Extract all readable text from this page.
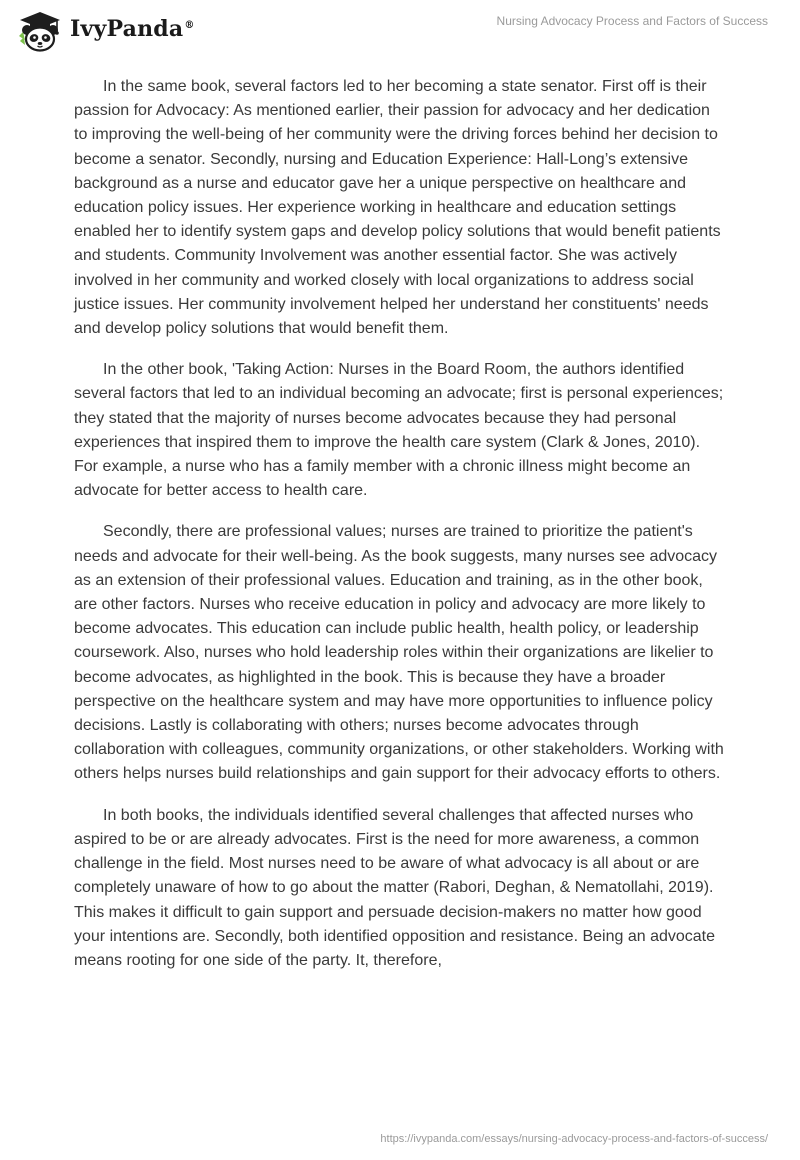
IvyPanda®	Nursing Advocacy Process and Factors of Success

In the same book, several factors led to her becoming a state senator. First off is their passion for Advocacy: As mentioned earlier, their passion for advocacy and her dedication to improving the well-being of her community were the driving forces behind her decision to become a senator. Secondly, nursing and Education Experience: Hall-Long’s extensive background as a nurse and educator gave her a unique perspective on healthcare and education policy issues. Her experience working in healthcare and education settings enabled her to identify system gaps and develop policy solutions that would benefit patients and students. Community Involvement was another essential factor. She was actively involved in her community and worked closely with local organizations to address social justice issues. Her community involvement helped her understand her constituents' needs and develop policy solutions that would benefit them.

In the other book, 'Taking Action: Nurses in the Board Room, the authors identified several factors that led to an individual becoming an advocate; first is personal experiences; they stated that the majority of nurses become advocates because they had personal experiences that inspired them to improve the health care system (Clark & Jones, 2010). For example, a nurse who has a family member with a chronic illness might become an advocate for better access to health care.

Secondly, there are professional values; nurses are trained to prioritize the patient's needs and advocate for their well-being. As the book suggests, many nurses see advocacy as an extension of their professional values. Education and training, as in the other book, are other factors. Nurses who receive education in policy and advocacy are more likely to become advocates. This education can include public health, health policy, or leadership coursework. Also, nurses who hold leadership roles within their organizations are likelier to become advocates, as highlighted in the book. This is because they have a broader perspective on the healthcare system and may have more opportunities to influence policy decisions. Lastly is collaborating with others; nurses become advocates through collaboration with colleagues, community organizations, or other stakeholders. Working with others helps nurses build relationships and gain support for their advocacy efforts to others.

In both books, the individuals identified several challenges that affected nurses who aspired to be or are already advocates. First is the need for more awareness, a common challenge in the field. Most nurses need to be aware of what advocacy is all about or are completely unaware of how to go about the matter (Rabori, Deghan, & Nematollahi, 2019). This makes it difficult to gain support and persuade decision-makers no matter how good your intentions are. Secondly, both identified opposition and resistance. Being an advocate means rooting for one side of the party. It, therefore,

https://ivypanda.com/essays/nursing-advocacy-process-and-factors-of-success/
